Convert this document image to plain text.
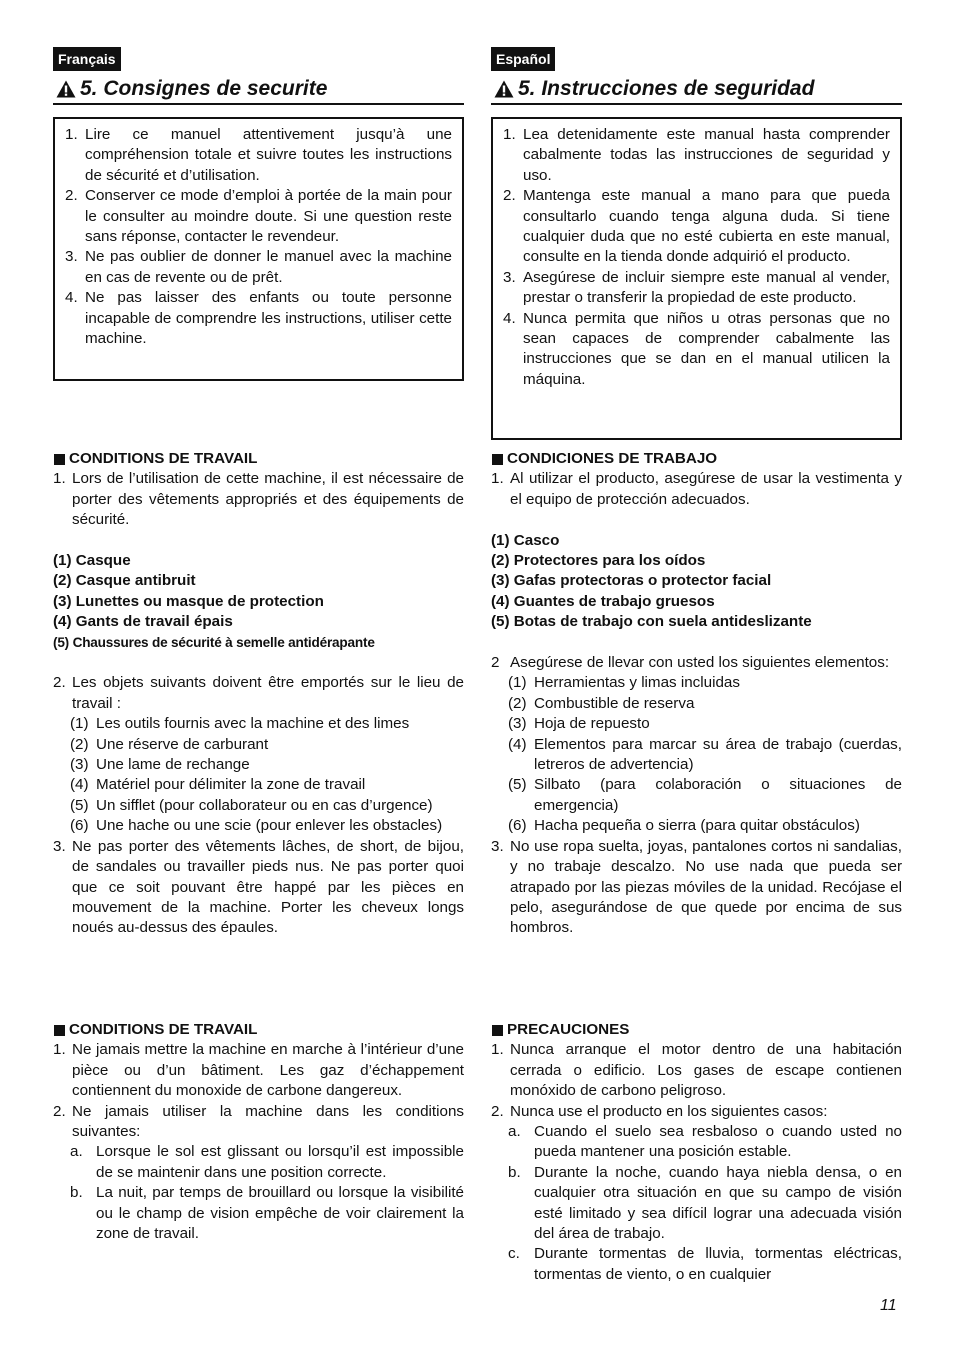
Français
5. Consignes de securite
1. Lire ce manuel attentivement jusqu’à une compréhension totale et suivre toutes les instructions de sécurité et d’utilisation.
2. Conserver ce mode d’emploi à portée de la main pour le consulter au moindre doute. Si une question reste sans réponse, contacter le revendeur.
3. Ne pas oublier de donner le manuel avec la machine en cas de revente ou de prêt.
4. Ne pas laisser des enfants ou toute personne incapable de comprendre les instructions, utiliser cette machine.
CONDITIONS DE TRAVAIL
1. Lors de l’utilisation de cette machine, il est nécessaire de porter des vêtements appropriés et des équipements de sécurité.
(1) Casque
(2) Casque antibruit
(3) Lunettes ou masque de protection
(4) Gants de travail épais
(5) Chaussures de sécurité à semelle antidérapante
2. Les objets suivants doivent être emportés sur le lieu de travail :
(1) Les outils fournis avec la machine et des limes
(2) Une réserve de carburant
(3) Une lame de rechange
(4) Matériel pour délimiter la zone de travail
(5) Un sifflet (pour collaborateur ou en cas d’urgence)
(6) Une hache ou une scie (pour enlever les obstacles)
3. Ne pas porter des vêtements lâches, de short, de bijou, de sandales ou travailler pieds nus. Ne pas porter quoi que ce soit pouvant être happé par les pièces en mouvement de la machine. Porter les cheveux longs noués au-dessus des épaules.
CONDITIONS DE TRAVAIL
1. Ne jamais mettre la machine en marche à l’intérieur d’une pièce ou d’un bâtiment. Les gaz d’échappement contiennent du monoxide de carbone dangereux.
2. Ne jamais utiliser la machine dans les conditions suivantes:
a. Lorsque le sol est glissant ou lorsqu’il est impossible de se maintenir dans une position correcte.
b. La nuit, par temps de brouillard ou lorsque la visibilité ou le champ de vision empêche de voir clairement la zone de travail.
Español
5. Instrucciones de seguridad
1. Lea detenidamente este manual hasta comprender cabalmente todas las instrucciones de seguridad y uso.
2. Mantenga este manual a mano para que pueda consultarlo cuando tenga alguna duda. Si tiene cualquier duda que no esté cubierta en este manual, consulte en la tienda donde adquirió el producto.
3. Asegúrese de incluir siempre este manual al vender, prestar o transferir la propiedad de este producto.
4. Nunca permita que niños u otras personas que no sean capaces de comprender cabalmente las instrucciones que se dan en el manual utilicen la máquina.
CONDICIONES DE TRABAJO
1. Al utilizar el producto, asegúrese de usar la vestimenta y el equipo de protección adecuados.
(1) Casco
(2) Protectores para los oídos
(3) Gafas protectoras o protector facial
(4) Guantes de trabajo gruesos
(5) Botas de trabajo con suela antideslizante
2 Asegúrese de llevar con usted los siguientes elementos:
(1) Herramientas y limas incluidas
(2) Combustible de reserva
(3) Hoja de repuesto
(4) Elementos para marcar su área de trabajo (cuerdas, letreros de advertencia)
(5) Silbato (para colaboración o situaciones de emergencia)
(6) Hacha pequeña o sierra (para quitar obstáculos)
3. No use ropa suelta, joyas, pantalones cortos ni sandalias, y no trabaje descalzo. No use nada que pueda ser atrapado por las piezas móviles de la unidad. Recójase el pelo, asegurándose de que quede por encima de sus hombros.
PRECAUCIONES
1. Nunca arranque el motor dentro de una habitación cerrada o edificio. Los gases de escape contienen monóxido de carbono peligroso.
2. Nunca use el producto en los siguientes casos:
a. Cuando el suelo sea resbaloso o cuando usted no pueda mantener una posición estable.
b. Durante la noche, cuando haya niebla densa, o en cualquier otra situación en que su campo de visión esté limitado y sea difícil lograr una adecuada visión del área de trabajo.
c. Durante tormentas de lluvia, tormentas eléctricas, tormentas de viento, o en cualquier
11
